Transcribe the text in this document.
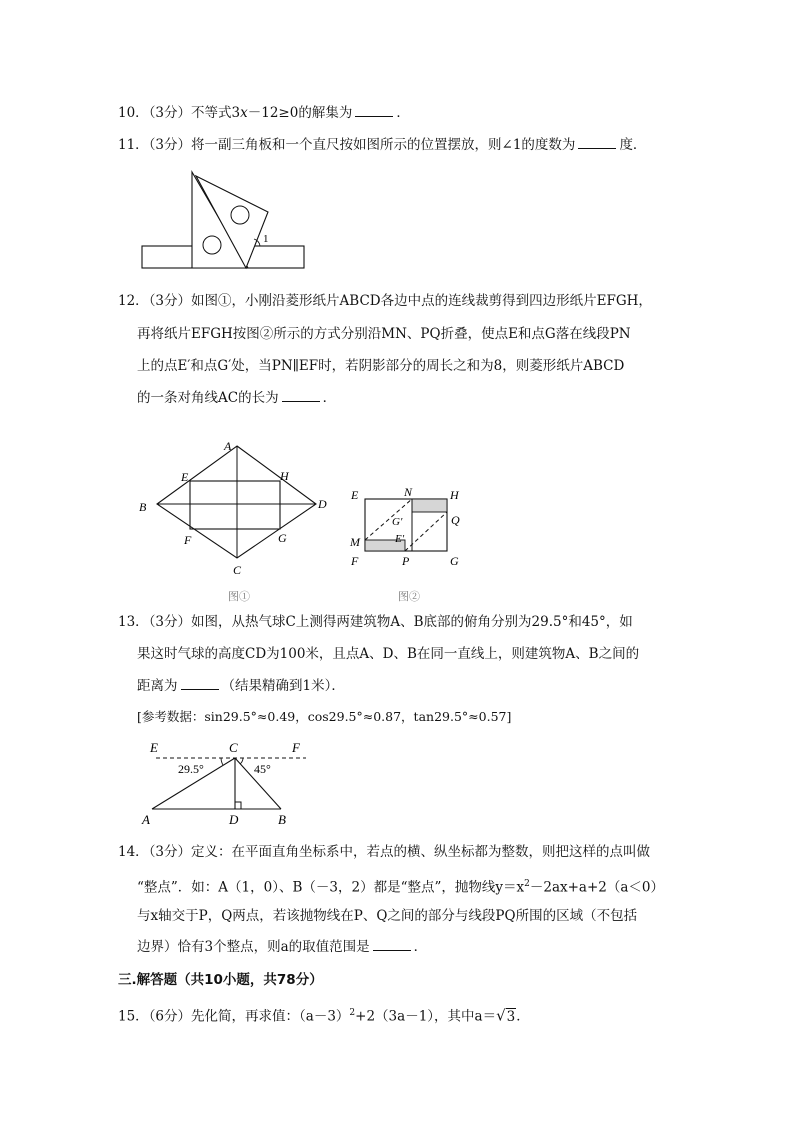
10．（3分）不等式3x－12≥0的解集为	．
11．（3分）将一副三角板和一个直尺按如图所示的位置摆放，则∠1的度数为	度．
1
12．（3分）如图①，小刚沿菱形纸片ABCD各边中点的连线裁剪得到四边形纸片EFGH，
再将纸片EFGH按图②所示的方式分别沿MN、PQ折叠，使点E和点G落在线段PN
上的点E′和点G′处，当PN∥EF时，若阴影部分的周长之和为8，则菱形纸片ABCD
的一条对角线AC的长为	．
A
B
C
D
E
F	G
H
图①
E	N	H
G′	Q
M	E′
F	P	G
图②
13．（3分）如图，从热气球C上测得两建筑物A、B底部的俯角分别为29.5°和45°，如
果这时气球的高度CD为100米，且点A、D、B在同一直线上，则建筑物A、B之间的
距离为	（结果精确到1米）．
[参考数据：sin29.5°≈0.49，cos29.5°≈0.87，tan29.5°≈0.57]
E	C	F
29.5°	45°
A	D	B
14．（3分）定义：在平面直角坐标系中，若点的横、纵坐标都为整数，则把这样的点叫做
“整点”．如：A（1，0）、B（－3，2）都是“整点”，抛物线$y=x^2-2ax+a+2(a<0)$
与x轴交于P，Q两点，若该抛物线在P、Q之间的部分与线段PQ所围的区域（不包括
边界）恰有3个整点，则a的取值范围是	．
三.解答题（共10小题，共78分）
15．（6分）先化简，再求值：$(a-3)^2+2(3a-1)$，其中a＝√3．
